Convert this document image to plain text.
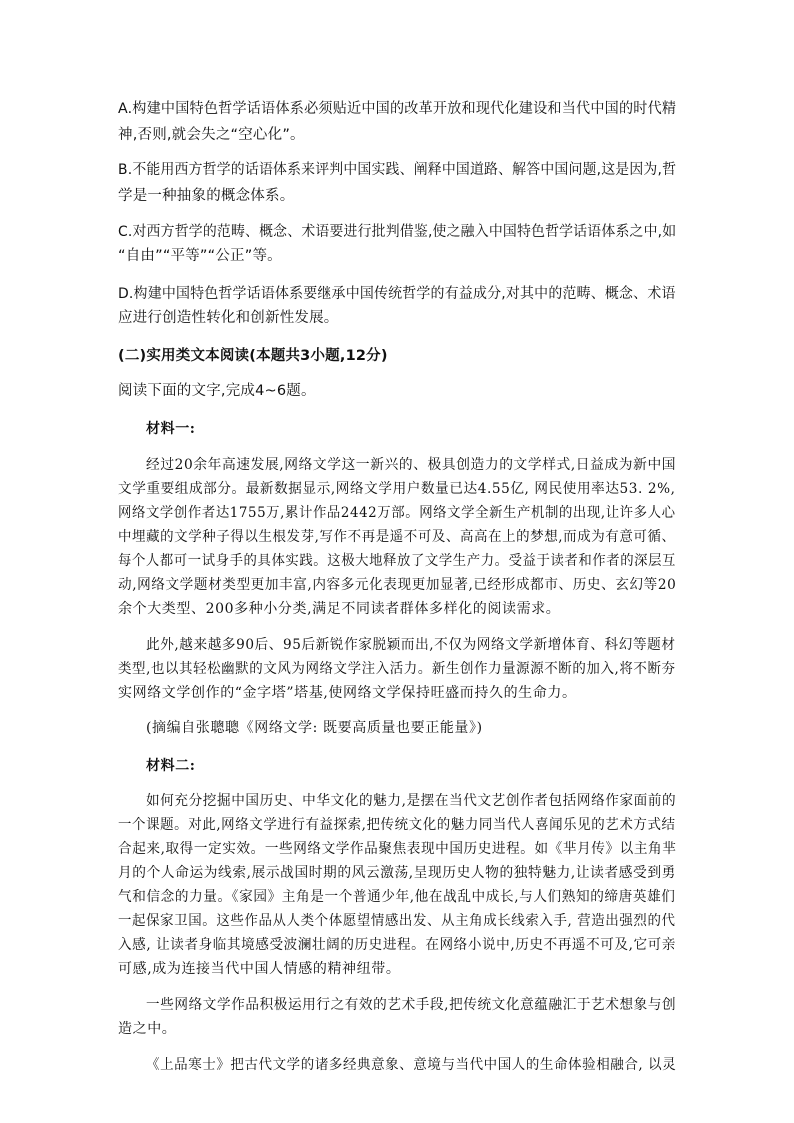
A.构建中国特色哲学话语体系必须贴近中国的改革开放和现代化建设和当代中国的时代精
神,否则,就会失之“空心化”。
B.不能用西方哲学的话语体系来评判中国实践、阐释中国道路、解答中国问题,这是因为,哲
学是一种抽象的概念体系。
C.对西方哲学的范畴、概念、术语要进行批判借鉴,使之融入中国特色哲学话语体系之中,如
“自由”“平等”“公正”等。
D.构建中国特色哲学话语体系要继承中国传统哲学的有益成分,对其中的范畴、概念、术语
应进行创造性转化和创新性发展。
(二)实用类文本阅读(本题共3小题,12分)
阅读下面的文字,完成4~6题。
材料一:
经过20余年高速发展,网络文学这一新兴的、极具创造力的文学样式,日益成为新中国
文学重要组成部分。最新数据显示,网络文学用户数量已达4.55亿, 网民使用率达53. 2%,
网络文学创作者达1755万,累计作品2442万部。网络文学全新生产机制的出现,让许多人心
中埋藏的文学种子得以生根发芽,写作不再是遥不可及、高高在上的梦想,而成为有意可循、
每个人都可一试身手的具体实践。这极大地释放了文学生产力。受益于读者和作者的深层互
动,网络文学题材类型更加丰富,内容多元化表现更加显著,已经形成都市、历史、玄幻等20
余个大类型、200多种小分类,满足不同读者群体多样化的阅读需求。
此外,越来越多90后、95后新锐作家脱颖而出,不仅为网络文学新增体育、科幻等题材
类型,也以其轻松幽默的文风为网络文学注入活力。新生创作力量源源不断的加入,将不断夯
实网络文学创作的“金字塔”塔基,使网络文学保持旺盛而持久的生命力。
(摘编自张聰聰《网络文学: 既要高质量也要正能量》)
材料二:
如何充分挖掘中国历史、中华文化的魅力,是摆在当代文艺创作者包括网络作家面前的
一个课题。对此,网络文学进行有益探索,把传统文化的魅力同当代人喜闻乐见的艺术方式结
合起来,取得一定实效。一些网络文学作品聚焦表现中国历史进程。如《芈月传》以主角芈
月的个人命运为线索,展示战国时期的风云激荡,呈现历史人物的独特魅力,让读者感受到勇
气和信念的力量。《家园》主角是一个普通少年,他在战乱中成长,与人们熟知的缔唐英雄们
一起保家卫国。这些作品从人类个体愿望情感出发、从主角成长线索入手, 营造出强烈的代
入感, 让读者身临其境感受波澜壮阔的历史进程。在网络小说中,历史不再遥不可及,它可亲
可感,成为连接当代中国人情感的精神纽带。
一些网络文学作品积极运用行之有效的艺术手段,把传统文化意蕴融汇于艺术想象与创
造之中。
《上品寒士》把古代文学的诸多经典意象、意境与当代中国人的生命体验相融合, 以灵
